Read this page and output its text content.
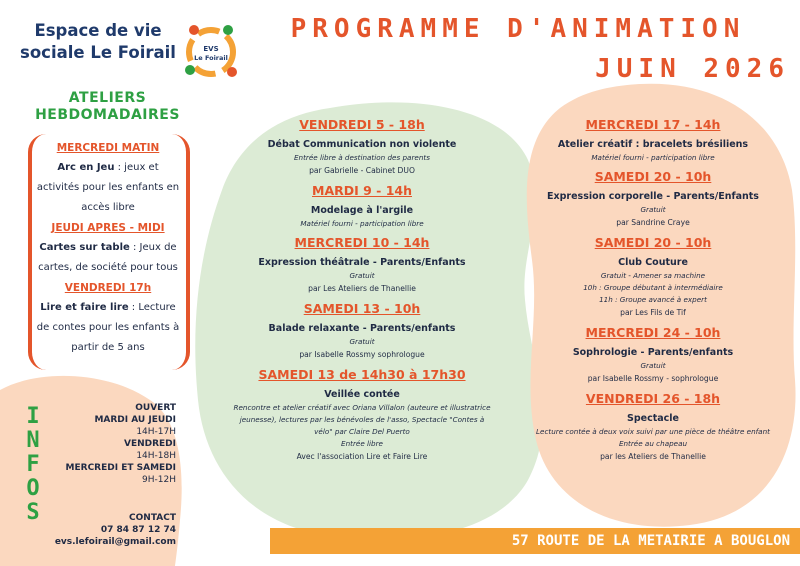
Espace de vie
sociale Le Foirail	EVS
Le Foirail
PROGRAMME D'ANIMATION
JUIN 2026
ATELIERS
HEBDOMADAIRES
MERCREDI MATIN
Arc en Jeu : jeux et activités pour les enfants en accès libre
JEUDI APRES - MIDI
Cartes sur table : Jeux de cartes, de société pour tous
VENDREDI 17h
Lire et faire lire : Lecture de contes pour les enfants à partir de 5 ans
I
N
F
O
S
OUVERT
MARDI AU JEUDI
14H-17H
VENDREDI
14H-18H
MERCREDI ET SAMEDI
9H-12H
CONTACT
07 84 87 12 74
evs.lefoirail@gmail.com
VENDREDI 5 - 18h
Débat Communication non violente
Entrée libre à destination des parents
par Gabrielle - Cabinet DUO
MARDI 9 - 14h
Modelage à l'argile
Matériel fourni - participation libre
MERCREDI 10 - 14h
Expression théâtrale - Parents/Enfants
Gratuit
par Les Ateliers de Thanellie
SAMEDI 13 - 10h
Balade relaxante - Parents/enfants
Gratuit
par Isabelle Rossmy sophrologue
SAMEDI 13 de 14h30 à 17h30
Veillée contée
Rencontre et atelier créatif avec Oriana Villalon (auteure et illustratrice jeunesse), lectures par les bénévoles de l'asso, Spectacle "Contes à vélo" par Claire Del Puerto
Entrée libre
Avec l'association Lire et Faire Lire
MERCREDI 17 - 14h
Atelier créatif : bracelets brésiliens
Matériel fourni - participation libre
SAMEDI 20 - 10h
Expression corporelle - Parents/Enfants
Gratuit
par Sandrine Craye
SAMEDI 20 - 10h
Club Couture
Gratuit - Amener sa machine
10h : Groupe débutant à intermédiaire
11h : Groupe avancé à expert
par Les Fils de Tif
MERCREDI 24 - 10h
Sophrologie - Parents/enfants
Gratuit
par Isabelle Rossmy - sophrologue
VENDREDI 26 - 18h
Spectacle
Lecture contée à deux voix suivi par une pièce de théâtre enfant
Entrée au chapeau
par les Ateliers de Thanellie
57 ROUTE DE LA METAIRIE A BOUGLON
